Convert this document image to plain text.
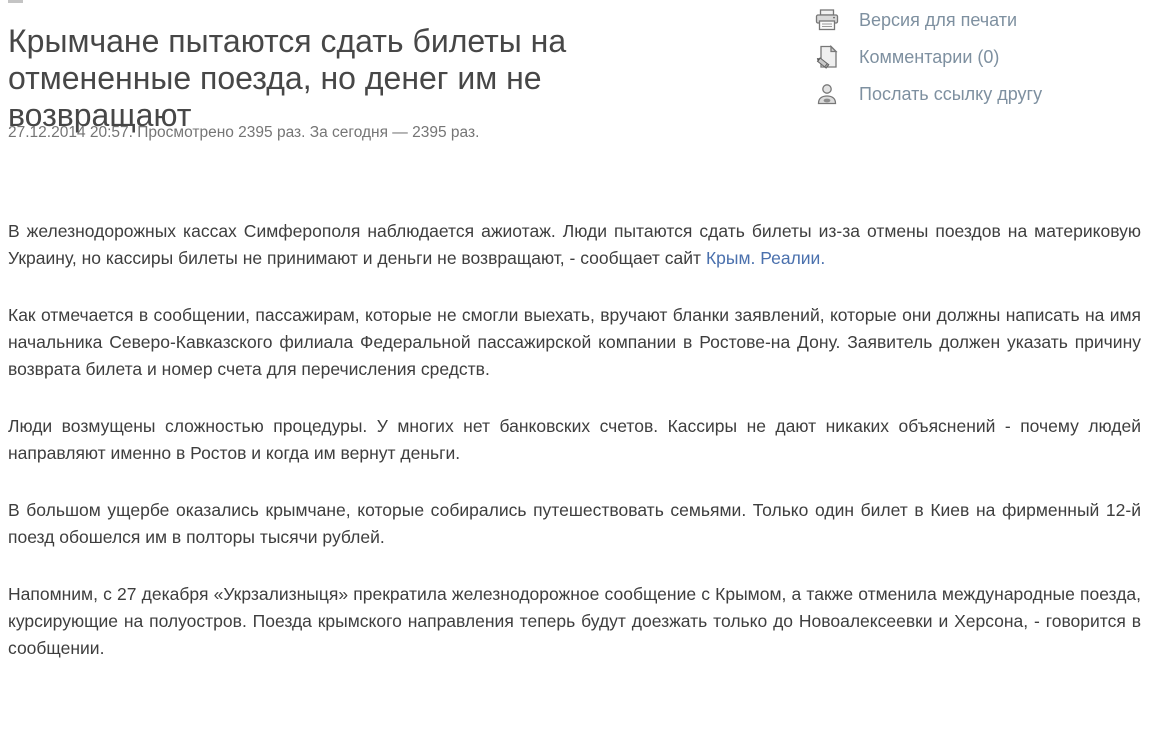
Крымчане пытаются сдать билеты на отмененные поезда, но денег им не возвращают
27.12.2014 20:57. Просмотрено 2395 раз. За сегодня — 2395 раз.
Версия для печати
Комментарии (0)
Послать ссылку другу

В железнодорожных кассах Симферополя наблюдается ажиотаж. Люди пытаются сдать билеты из-за отмены поездов на материковую Украину, но кассиры билеты не принимают и деньги не возвращают, - сообщает сайт Крым. Реалии.

Как отмечается в сообщении, пассажирам, которые не смогли выехать, вручают бланки заявлений, которые они должны написать на имя начальника Северо-Кавказского филиала Федеральной пассажирской компании в Ростове-на Дону. Заявитель должен указать причину возврата билета и номер счета для перечисления средств.

Люди возмущены сложностью процедуры. У многих нет банковских счетов. Кассиры не дают никаких объяснений - почему людей направляют именно в Ростов и когда им вернут деньги.

В большом ущербе оказались крымчане, которые собирались путешествовать семьями. Только один билет в Киев на фирменный 12-й поезд обошелся им в полторы тысячи рублей.

Напомним, с 27 декабря «Укрзализныця» прекратила железнодорожное сообщение с Крымом, а также отменила международные поезда, курсирующие на полуостров. Поезда крымского направления теперь будут доезжать только до Новоалексеевки и Херсона, - говорится в сообщении.
